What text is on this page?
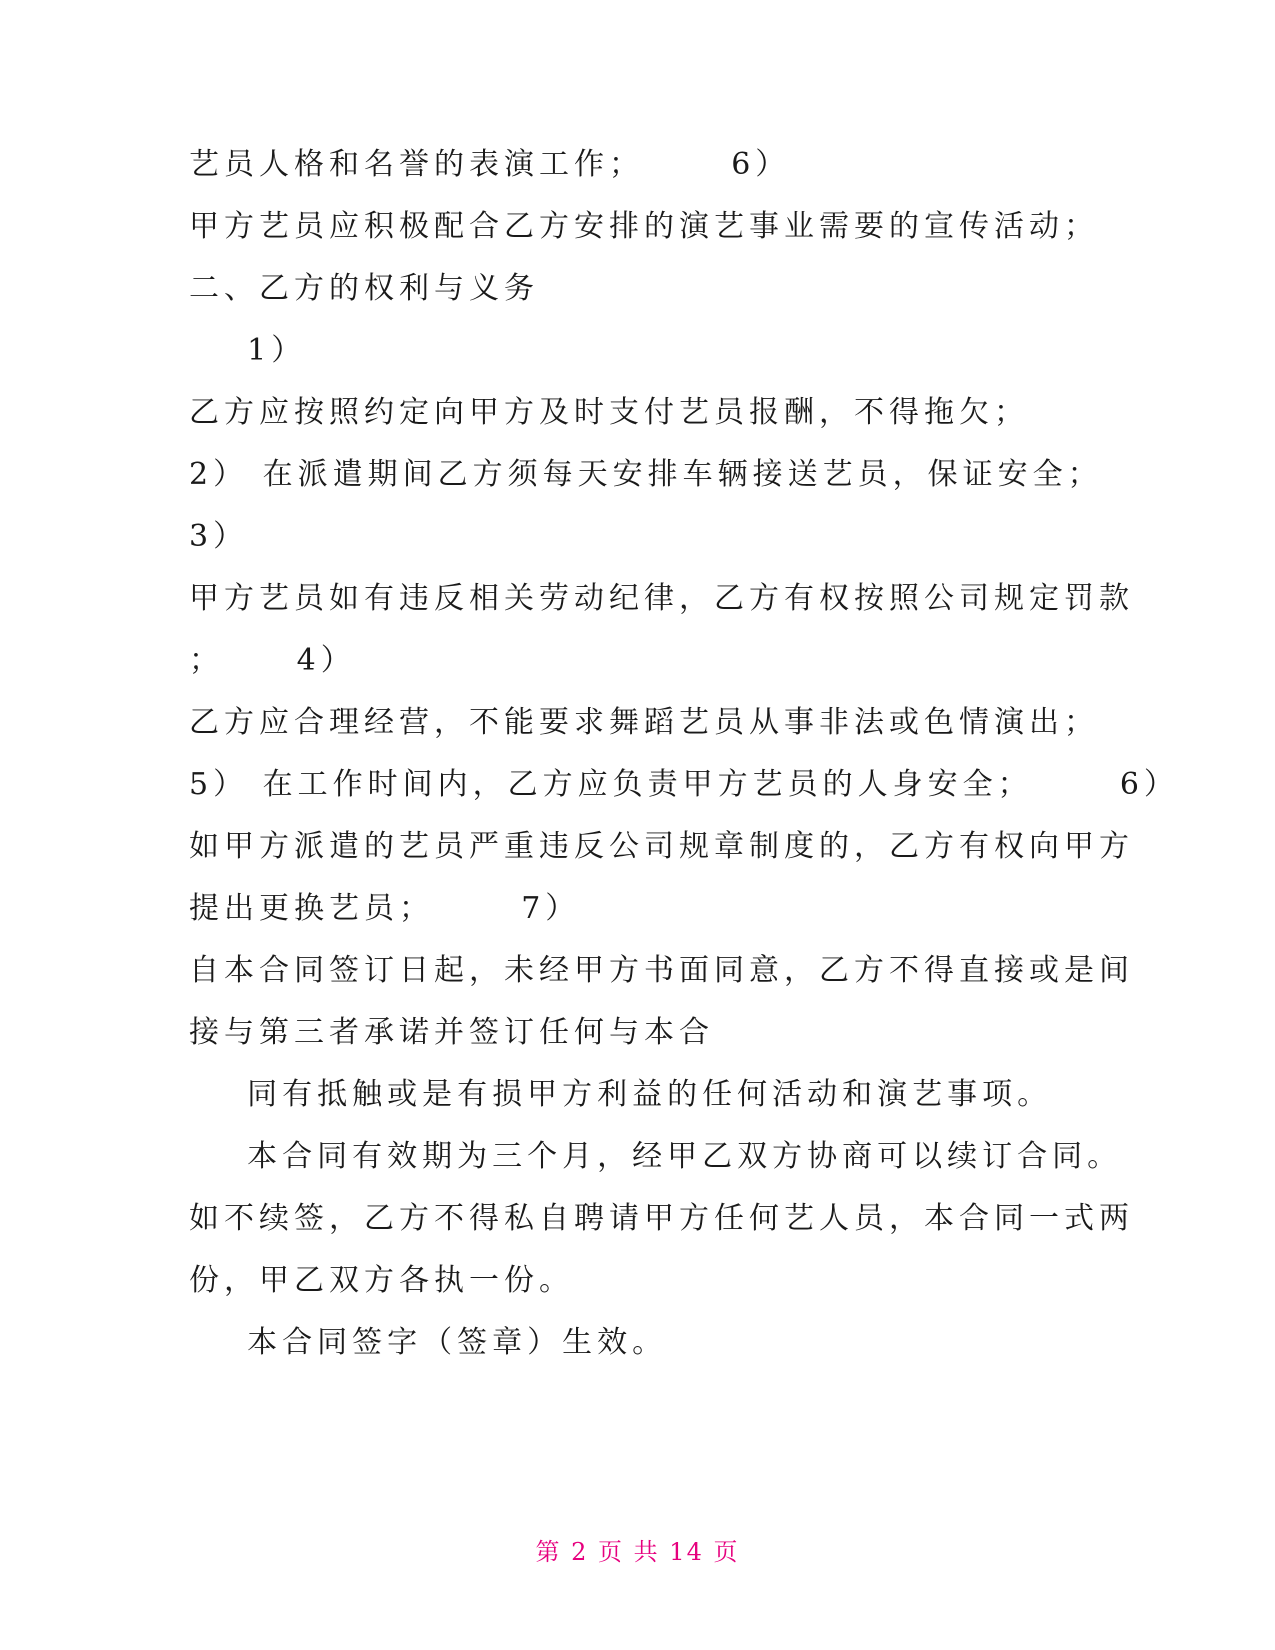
艺员人格和名誉的表演工作；      6）
甲方艺员应积极配合乙方安排的演艺事业需要的宣传活动；
二、乙方的权利与义务
1）
乙方应按照约定向甲方及时支付艺员报酬，不得拖欠；
2） 在派遣期间乙方须每天安排车辆接送艺员，保证安全；
3）
甲方艺员如有违反相关劳动纪律，乙方有权按照公司规定罚款
；     4）
乙方应合理经营，不能要求舞蹈艺员从事非法或色情演出；
5） 在工作时间内，乙方应负责甲方艺员的人身安全；      6）
如甲方派遣的艺员严重违反公司规章制度的，乙方有权向甲方
提出更换艺员；      7）
自本合同签订日起，未经甲方书面同意，乙方不得直接或是间
接与第三者承诺并签订任何与本合
同有抵触或是有损甲方利益的任何活动和演艺事项。
本合同有效期为三个月，经甲乙双方协商可以续订合同。
如不续签，乙方不得私自聘请甲方任何艺人员，本合同一式两
份，甲乙双方各执一份。
本合同签字（签章）生效。
第 2 页 共 14 页
